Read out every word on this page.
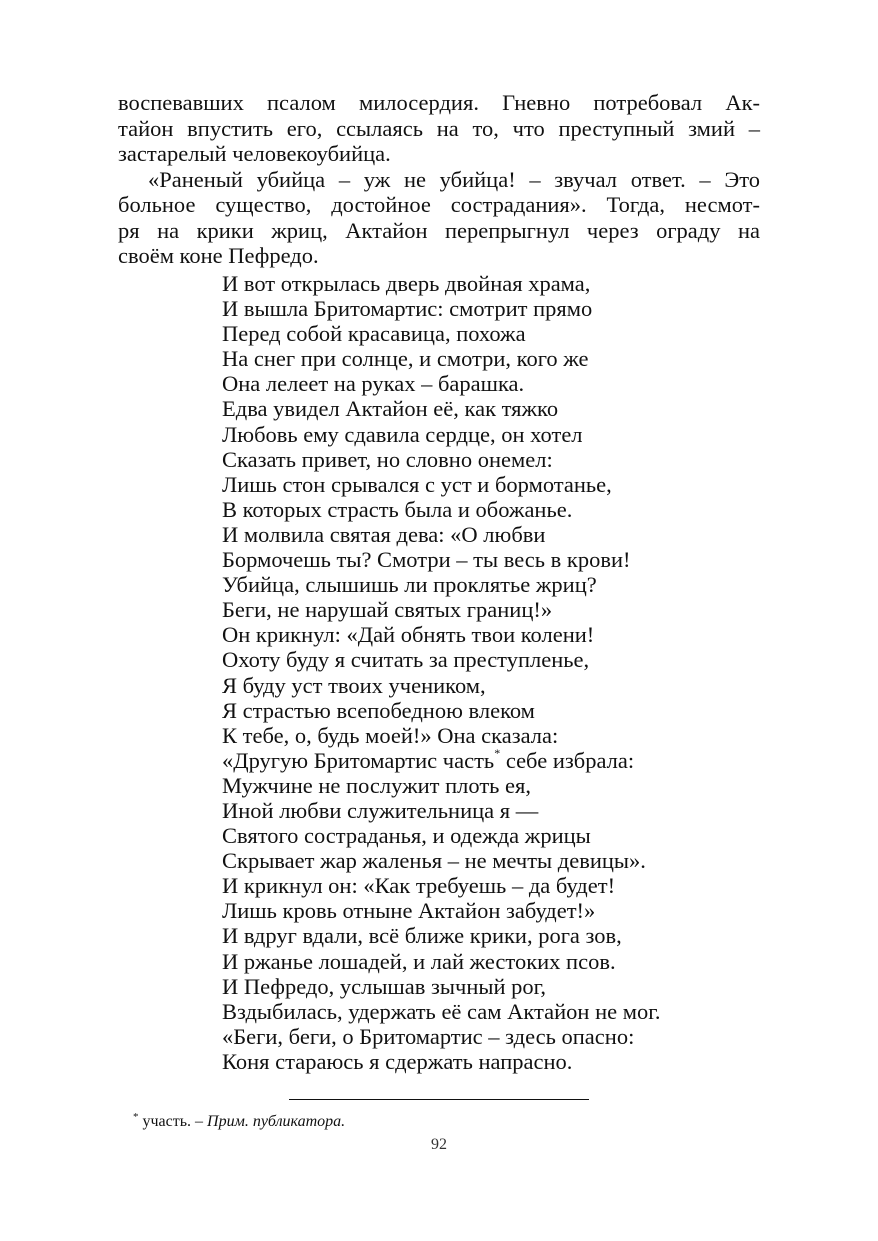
воспевавших псалом милосердия. Гневно потребовал Ак-
тайон впустить его, ссылаясь на то, что преступный змий –
застарелый человекоубийца.

«Раненый убийца – уж не убийца! – звучал ответ. – Это
больное существо, достойное сострадания». Тогда, несмот-
ря на крики жриц, Актайон перепрыгнул через ограду на
своём коне Пефредо.

И вот открылась дверь двойная храма,
И вышла Бритомартис: смотрит прямо
Перед собой красавица, похожа
На снег при солнце, и смотри, кого же
Она лелеет на руках – барашка.
Едва увидел Актайон её, как тяжко
Любовь ему сдавила сердце, он хотел
Сказать привет, но словно онемел:
Лишь стон срывался с уст и бормотанье,
В которых страсть была и обожанье.
И молвила святая дева: «О любви
Бормочешь ты? Смотри – ты весь в крови!
Убийца, слышишь ли проклятье жриц?
Беги, не нарушай святых границ!»
Он крикнул: «Дай обнять твои колени!
Охоту буду я считать за преступленье,
Я буду уст твоих учеником,
Я страстью всепобедною влеком
К тебе, о, будь моей!» Она сказала:
«Другую Бритомартис часть* себе избрала:
Мужчине не послужит плоть ея,
Иной любви служительница я —
Святого состраданья, и одежда жрицы
Скрывает жар жаленья – не мечты девицы».
И крикнул он: «Как требуешь – да будет!
Лишь кровь отныне Актайон забудет!»
И вдруг вдали, всё ближе крики, рога зов,
И ржанье лошадей, и лай жестоких псов.
И Пефредо, услышав зычный рог,
Вздыбилась, удержать её сам Актайон не мог.
«Беги, беги, о Бритомартис – здесь опасно:
Коня стараюсь я сдержать напрасно.
* участь. – Прим. публикатора.
92
